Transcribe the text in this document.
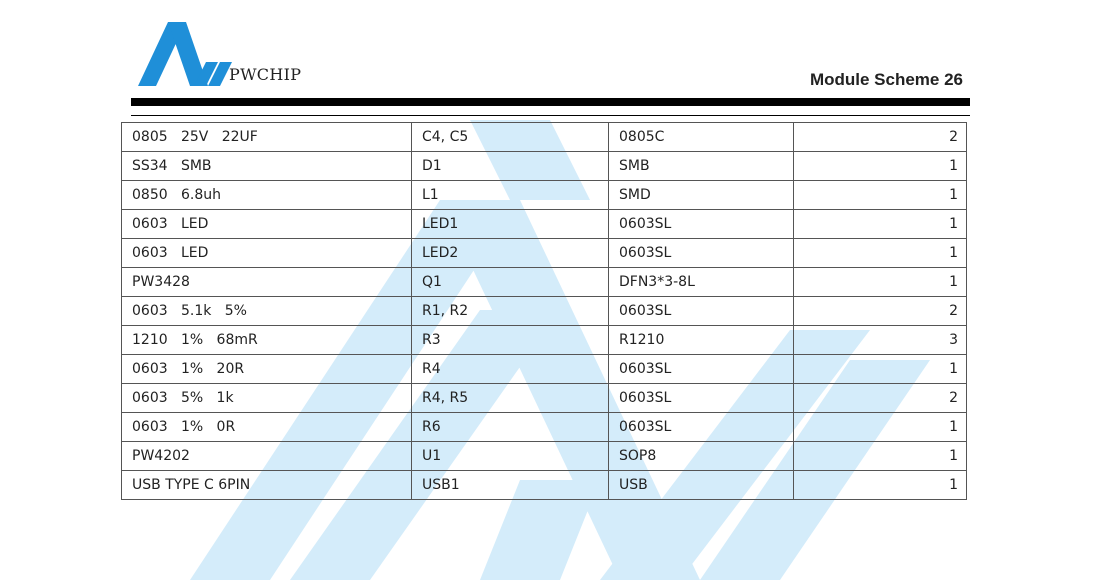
PWCHIP	Module Scheme 26
0805   25V   22UF	C4, C5	0805C	2
SS34   SMB	D1	SMB	1
0850   6.8uh	L1	SMD	1
0603   LED	LED1	0603SL	1
0603   LED	LED2	0603SL	1
PW3428	Q1	DFN3*3-8L	1
0603   5.1k   5%	R1, R2	0603SL	2
1210   1%   68mR	R3	R1210	3
0603   1%   20R	R4	0603SL	1
0603   5%   1k	R4, R5	0603SL	2
0603   1%   0R	R6	0603SL	1
PW4202	U1	SOP8	1
USB TYPE C 6PIN	USB1	USB	1
